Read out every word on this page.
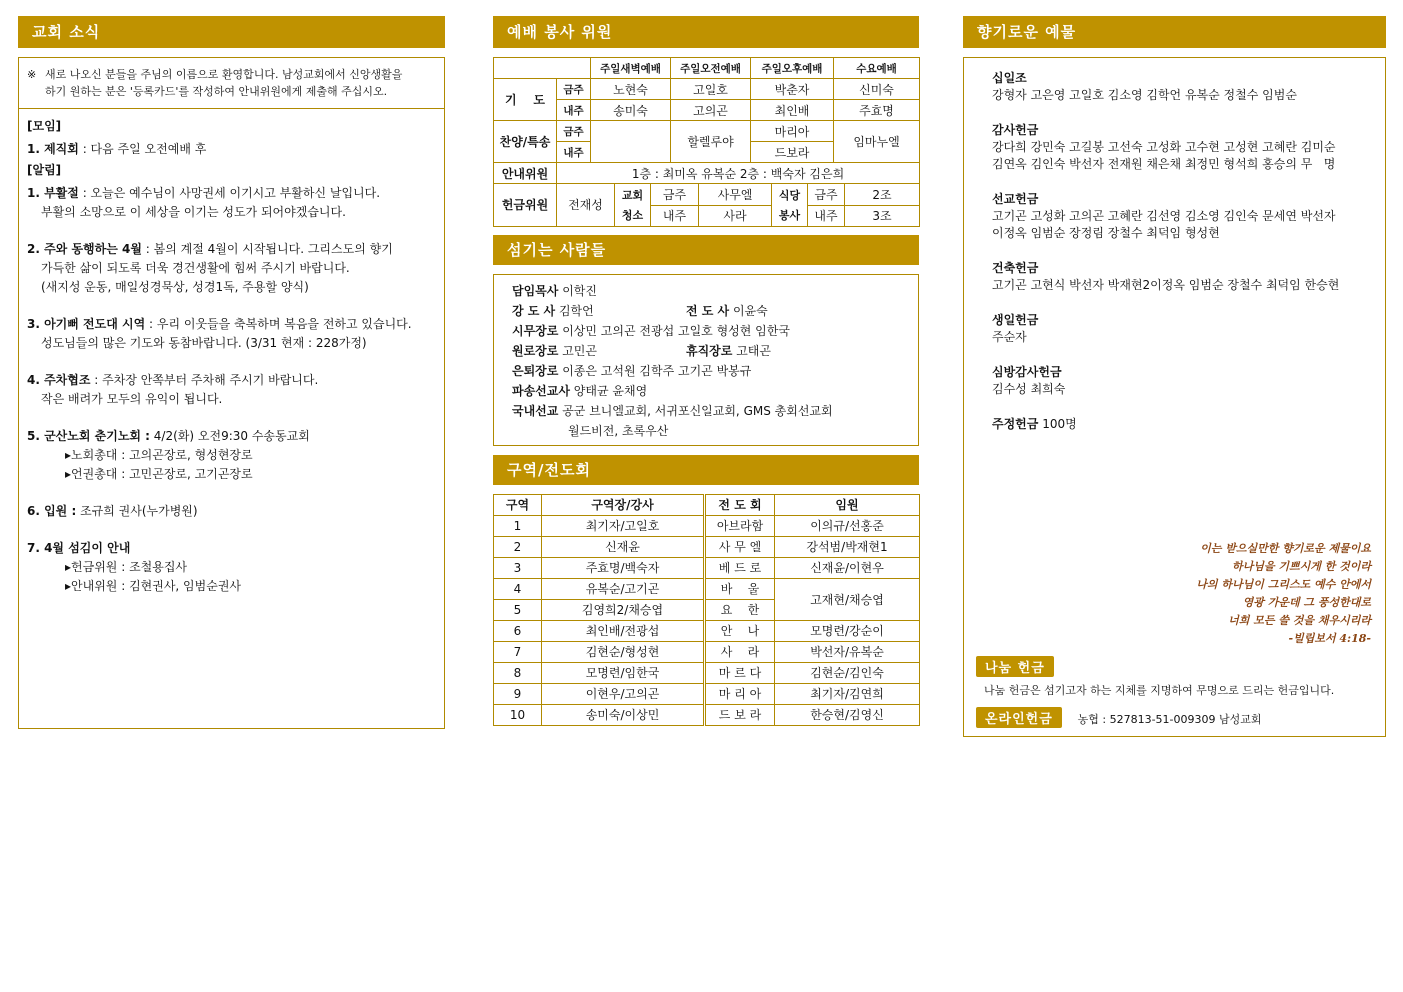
교회 소식
※ 새로 나오신 분들을 주님의 이름으로 환영합니다. 남성교회에서 신앙생활을
하기 원하는 분은 '등록카드'를 작성하여 안내위원에게 제출해 주십시오.
[모임]
1. 제직회 : 다음 주일 오전예배 후
[알림]
1. 부활절 : 오늘은 예수님이 사망권세 이기시고 부활하신 날입니다.
부활의 소망으로 이 세상을 이기는 성도가 되어야겠습니다.
2. 주와 동행하는 4월 : 봄의 계절 4월이 시작됩니다. 그리스도의 향기
가득한 삶이 되도록 더욱 경건생활에 힘써 주시기 바랍니다.
(새지성 운동, 매일성경묵상, 성경1독, 주용할 양식)
3. 아기뻐 전도대 시역 : 우리 이웃들을 축복하며 복음을 전하고 있습니다.
성도님들의 많은 기도와 동참바랍니다. (3/31 현재 : 228가정)
4. 주차협조 : 주차장 안쪽부터 주차해 주시기 바랍니다.
작은 배려가 모두의 유익이 됩니다.
5. 군산노회 춘기노회 : 4/2(화) 오전9:30 수송동교회
▸노회총대 : 고의곤장로, 형성현장로
▸언권총대 : 고민곤장로, 고기곤장로
6. 입원 : 조규희 권사(누가병원)
7. 4월 섬김이 안내
▸헌금위원 : 조철용집사
▸안내위원 : 김현권사, 임범순권사
예배 봉사 위원
		주일새벽예배	주일오전예배	주일오후예배	수요예배
기    도	금주	노현숙	고일호	박춘자	신미숙
	내주	송미숙	고의곤	최인배	주효명
찬양/특송	금주		할렐루야	마리아	임마누엘
	내주			드보라	
안내위원	1층 : 최미옥 유복순 2층 : 백숙자 김은희				
헌금위원	전재성	교회	금주	사무엘	식당	금주	2조
		청소	내주	사라	봉사	내주	3조
섬기는 사람들
담임목사 이학진
강 도 사 김학언	전 도 사 이윤숙
시무장로 이상민 고의곤 전광섭 고일호 형성현 임한국
원로장로 고민곤	휴직장로 고태곤
은퇴장로 이종은 고석원 김학주 고기곤 박봉규
파송선교사 양태균 윤채영
국내선교 공군 브니엘교회, 서귀포신일교회, GMS 총회선교회
월드비전, 초록우산
구역/전도회
구역	구역장/강사	전 도 회	임원
1	최기자/고일호	아브라함	이의규/선홍준
2	신재윤	사 무 엘	강석범/박재현1
3	주효명/백숙자	베 드 로	신재윤/이현우
4	유복순/고기곤	바    울	고재현/채승엽
5	김영희2/채승엽	요    한	
6	최인배/전광섭	안    나	모명련/강순이
7	김현순/형성현	사    라	박선자/유복순
8	모명련/임한국	마 르 다	김현순/김인숙
9	이현우/고의곤	마 리 아	최기자/김연희
10	송미숙/이상민	드 보 라	한승현/김영신
향기로운 예물
십일조
강형자 고은영 고일호 김소영 김학언 유복순 정철수 임범순
감사헌금
강다희 강민숙 고길봉 고선숙 고성화 고수현 고성현 고혜란 김미순
김연옥 김인숙 박선자 전재원 채은채 최정민 형석희 홍승의 무   명
선교헌금
고기곤 고성화 고의곤 고혜란 김선영 김소영 김인숙 문세연 박선자
이정옥 임범순 장정림 장철수 최덕임 형성현
건축헌금
고기곤 고현식 박선자 박재현2이정옥 임범순 장철수 최덕임 한승현
생일헌금
주순자
심방감사헌금
김수성 최희숙
주정헌금 100명
이는 받으실만한 향기로운 제물이요
하나님을 기쁘시게 한 것이라
나의 하나님이 그리스도 예수 안에서
영광 가운데 그 풍성한대로
너희 모든 쓸 것을 채우시리라
-빌립보서 4:18-
나눔 헌금
나눔 헌금은 섬기고자 하는 지체를 지명하여 무명으로 드리는 헌금입니다.
온라인헌금 농협 : 527813-51-009309 남성교회
